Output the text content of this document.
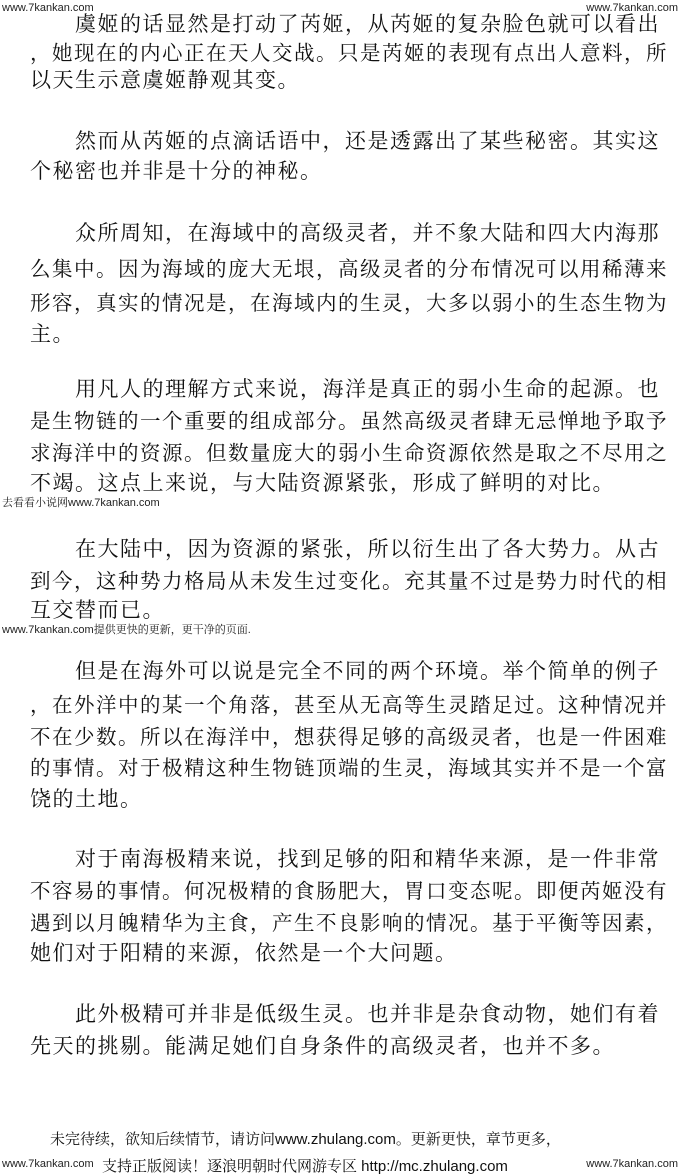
www.7kankan.com	www.7kankan.com
　　虞姬的话显然是打动了芮姬，从芮姬的复杂脸色就可以看出
，她现在的内心正在天人交战。只是芮姬的表现有点出人意料，所
以天生示意虞姬静观其变。
　　然而从芮姬的点滴话语中，还是透露出了某些秘密。其实这
个秘密也并非是十分的神秘。
　　众所周知，在海域中的高级灵者，并不象大陆和四大内海那
么集中。因为海域的庞大无垠，高级灵者的分布情况可以用稀薄来
形容，真实的情况是，在海域内的生灵，大多以弱小的生态生物为
主。
　　用凡人的理解方式来说，海洋是真正的弱小生命的起源。也
是生物链的一个重要的组成部分。虽然高级灵者肆无忌惮地予取予
求海洋中的资源。但数量庞大的弱小生命资源依然是取之不尽用之
不竭。这点上来说，与大陆资源紧张，形成了鲜明的对比。
　　在大陆中，因为资源的紧张，所以衍生出了各大势力。从古
到今，这种势力格局从未发生过变化。充其量不过是势力时代的相
互交替而已。
　　但是在海外可以说是完全不同的两个环境。举个简单的例子
，在外洋中的某一个角落，甚至从无高等生灵踏足过。这种情况并
不在少数。所以在海洋中，想获得足够的高级灵者，也是一件困难
的事情。对于极精这种生物链顶端的生灵，海域其实并不是一个富
饶的土地。
　　对于南海极精来说，找到足够的阳和精华来源，是一件非常
不容易的事情。何况极精的食肠肥大，胃口变态呢。即便芮姬没有
遇到以月魄精华为主食，产生不良影响的情况。基于平衡等因素，
她们对于阳精的来源，依然是一个大问题。
　　此外极精可并非是低级生灵。也并非是杂食动物，她们有着
先天的挑剔。能满足她们自身条件的高级灵者，也并不多。
去看看小说网www.7kankan.com
www.7kankan.com提供更快的更新，更干净的页面.
未完待续，欲知后续情节，请访问www.zhulang.com。更新更快，章节更多，
www.7kankan.com 支持正版阅读！逐浪明朝时代网游专区 http://mc.zhulang.com	www.7kankan.com
